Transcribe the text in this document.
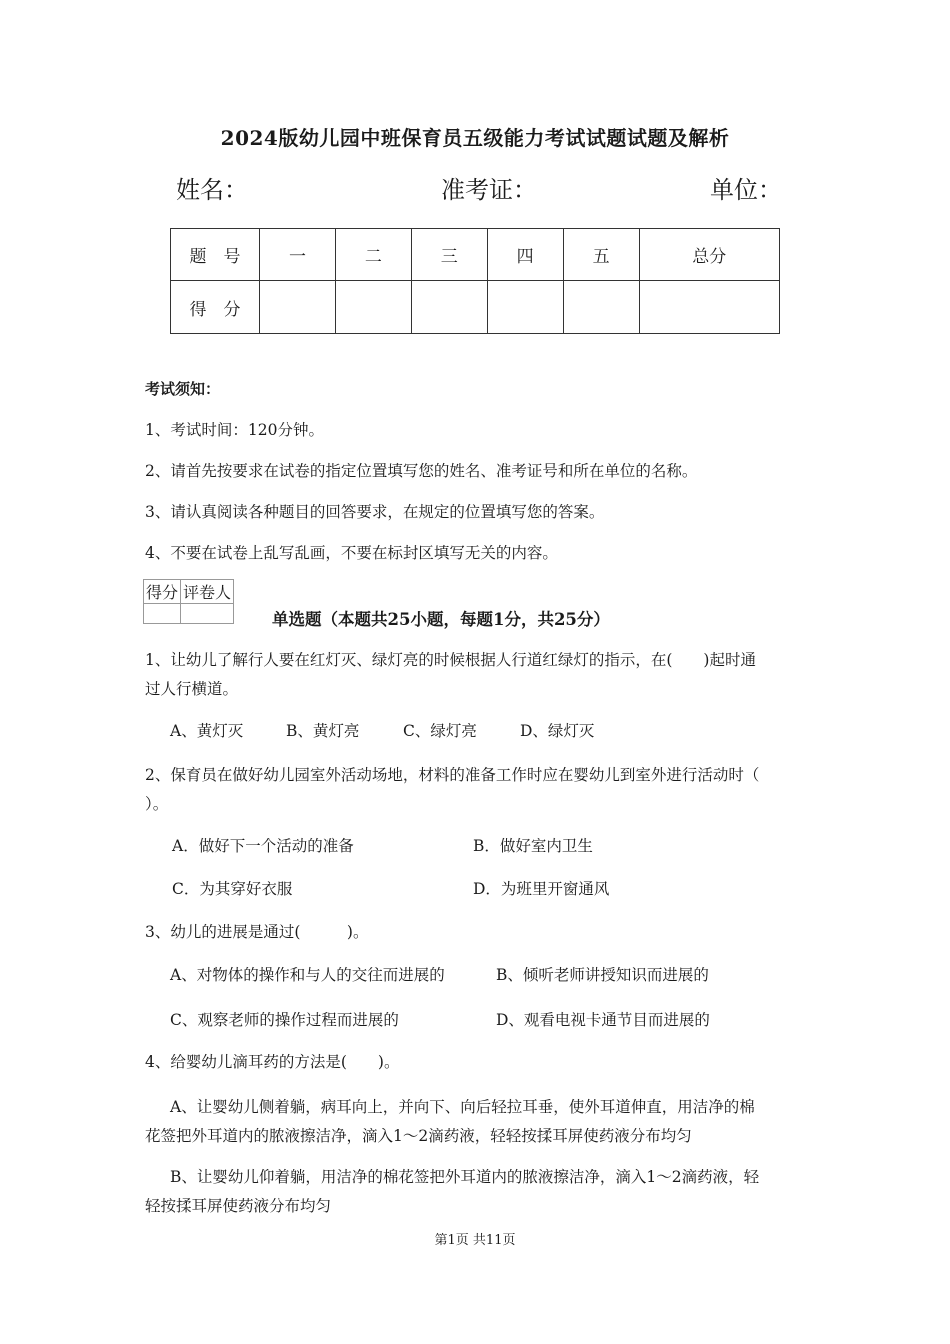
2024版幼儿园中班保育员五级能力考试试题试题及解析
姓名：	准考证：	单位：
题　号	一	二	三	四	五	总分
得　分						
考试须知：
1、考试时间：120分钟。
2、请首先按要求在试卷的指定位置填写您的姓名、准考证号和所在单位的名称。
3、请认真阅读各种题目的回答要求，在规定的位置填写您的答案。
4、不要在试卷上乱写乱画，不要在标封区填写无关的内容。
得分	评卷人

单选题（本题共25小题，每题1分，共25分）
1、让幼儿了解行人要在红灯灭、绿灯亮的时候根据人行道红绿灯的指示，在(　　)起时通
过人行横道。
A、黄灯灭	B、黄灯亮	C、绿灯亮	D、绿灯灭
2、保育员在做好幼儿园室外活动场地，材料的准备工作时应在婴幼儿到室外进行活动时（
）。
A．做好下一个活动的准备	B．做好室内卫生
C．为其穿好衣服	D．为班里开窗通风
3、幼儿的进展是通过(　　　)。
A、对物体的操作和与人的交往而进展的	B、倾听老师讲授知识而进展的
C、观察老师的操作过程而进展的	D、观看电视卡通节目而进展的
4、给婴幼儿滴耳药的方法是(　　)。
A、让婴幼儿侧着躺，病耳向上，并向下、向后轻拉耳垂，使外耳道伸直，用洁净的棉
花签把外耳道内的脓液擦洁净，滴入1～2滴药液，轻轻按揉耳屏使药液分布均匀
B、让婴幼儿仰着躺，用洁净的棉花签把外耳道内的脓液擦洁净，滴入1～2滴药液，轻
轻按揉耳屏使药液分布均匀
第1页 共11页
